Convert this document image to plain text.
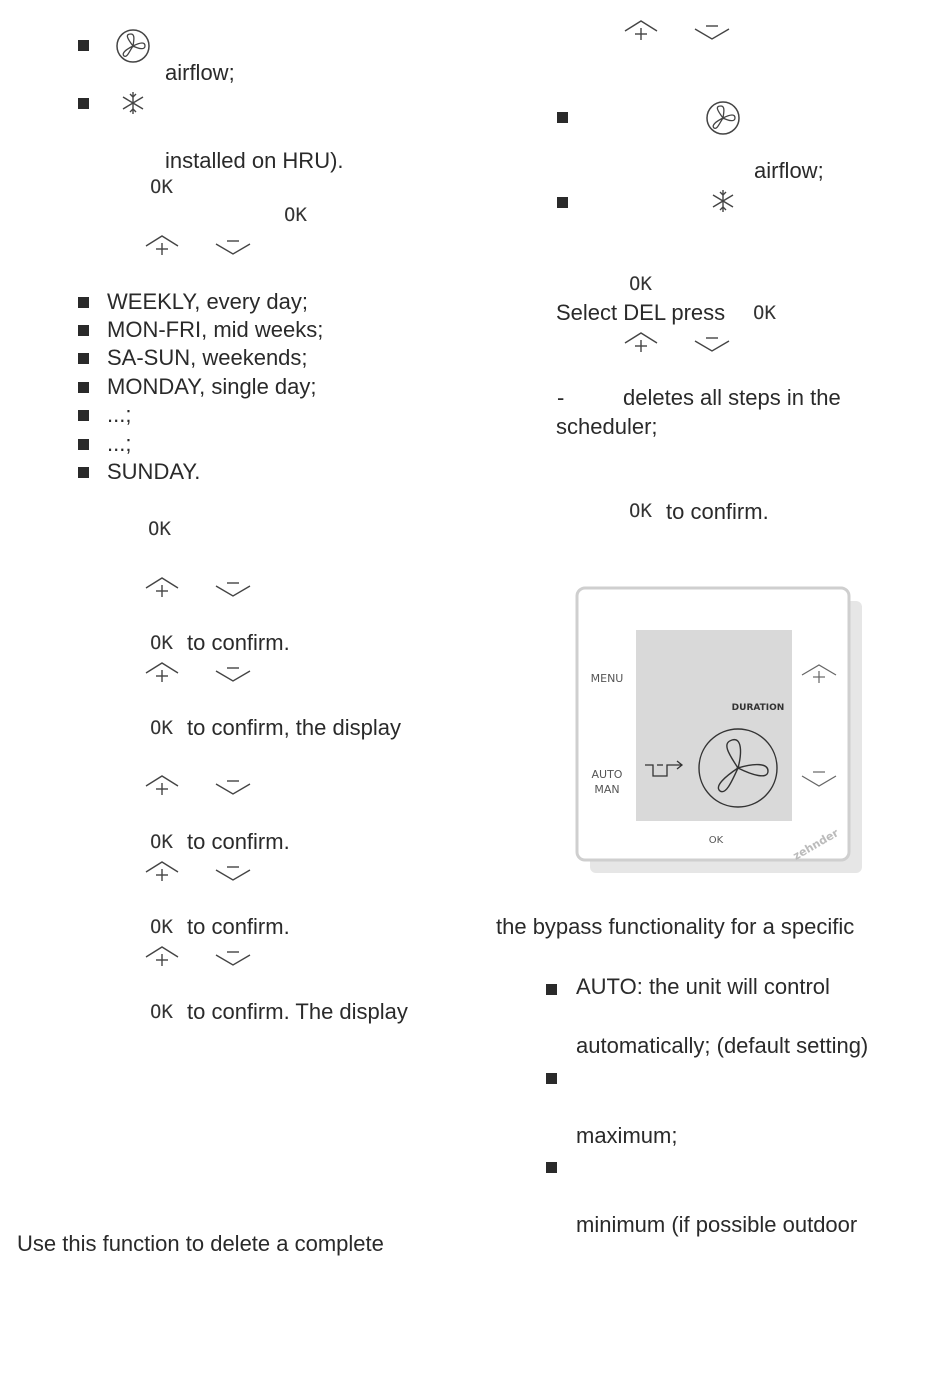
airflow;
installed on HRU).
OK
OK
WEEKLY, every day;
MON-FRI, mid weeks;
SA-SUN, weekends;
MONDAY, single day;
...;
...;
SUNDAY.
OK
OK to confirm.
OK to confirm, the display
OK to confirm.
OK to confirm.
OK to confirm. The display
Use this function to delete a complete
airflow;
OK
Select DEL press OK
-	deletes all steps in the
scheduler;
OK to confirm.
MENU
DURATION
AUTO
MAN
OK	zehnder
the bypass functionality for a specific
AUTO: the unit will control
automatically; (default setting)
maximum;
minimum (if possible outdoor
